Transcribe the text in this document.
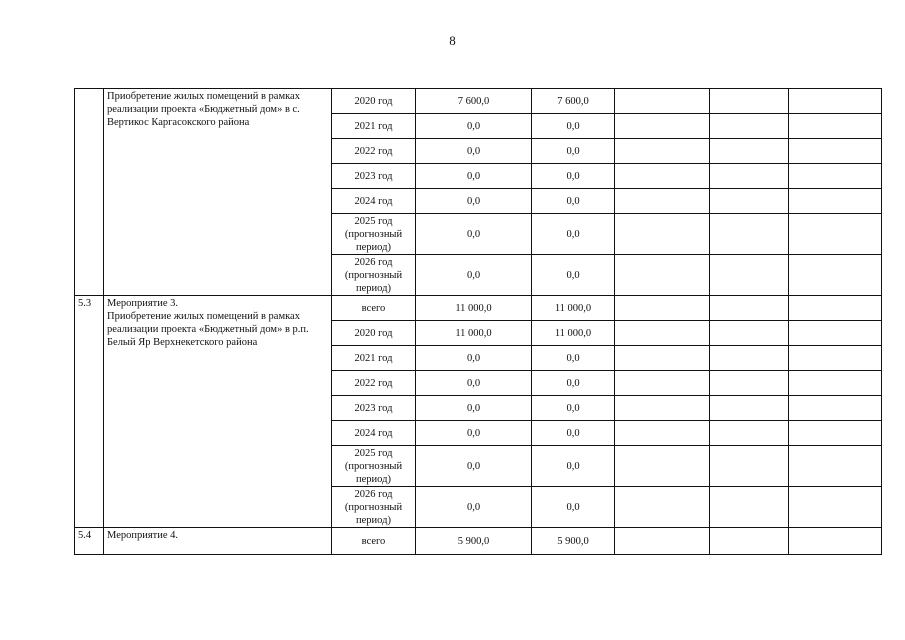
8
	Приобретение жилых помещений в рамках реализации проекта «Бюджетный дом» в с. Вертикос Каргасокского района	2020 год	7 600,0	7 600,0			
		2021 год	0,0	0,0			
		2022 год	0,0	0,0			
		2023 год	0,0	0,0			
		2024 год	0,0	0,0			
		2025 год
(прогнозный
период)	0,0	0,0			
		2026 год
(прогнозный
период)	0,0	0,0			
5.3	Мероприятие 3.
Приобретение жилых помещений в рамках реализации проекта «Бюджетный дом» в р.п. Белый Яр Верхнекетского района	всего	11 000,0	11 000,0			
		2020 год	11 000,0	11 000,0			
		2021 год	0,0	0,0			
		2022 год	0,0	0,0			
		2023 год	0,0	0,0			
		2024 год	0,0	0,0			
		2025 год
(прогнозный
период)	0,0	0,0			
		2026 год
(прогнозный
период)	0,0	0,0			
5.4	Мероприятие 4.	всего	5 900,0	5 900,0			
